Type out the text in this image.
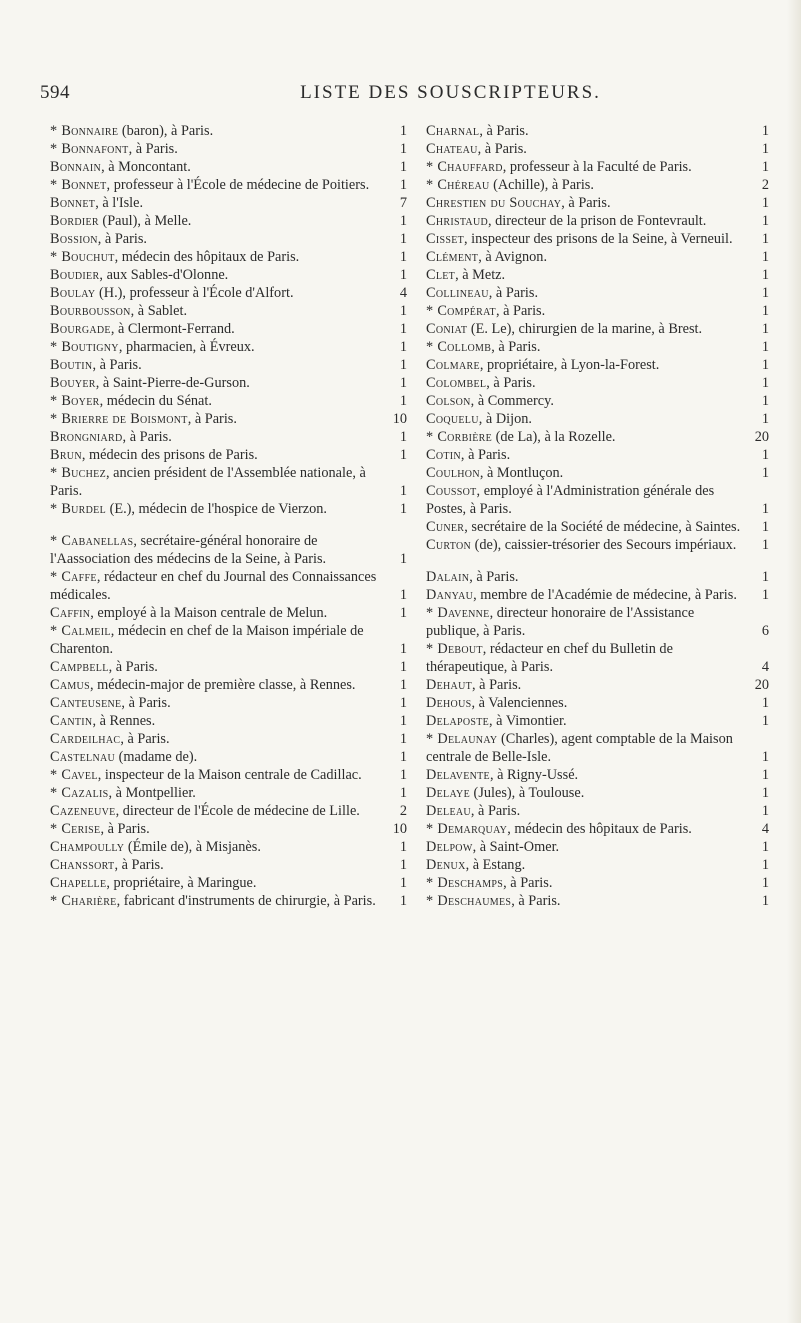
594	LISTE DES SOUSCRIPTEURS.
* Bonnaire (baron), à Paris.	1
* Bonnafont, à Paris.	1
Bonnain, à Moncontant.	1
* Bonnet, professeur à l'École de médecine de Poitiers.	1
Bonnet, à l'Isle.	7
Bordier (Paul), à Melle.	1
Bossion, à Paris.	1
* Bouchut, médecin des hôpitaux de Paris.	1
Boudier, aux Sables-d'Olonne.	1
Boulay (H.), professeur à l'École d'Alfort.	4
Bourbousson, à Sablet.	1
Bourgade, à Clermont-Ferrand.	1
* Boutigny, pharmacien, à Évreux.	1
Boutin, à Paris.	1
Bouyer, à Saint-Pierre-de-Gurson.	1
* Boyer, médecin du Sénat.	1
* Brierre de Boismont, à Paris.	10
Brongniard, à Paris.	1
Brun, médecin des prisons de Paris.	1
* Buchez, ancien président de l'Assemblée nationale, à Paris.	1
* Burdel (E.), médecin de l'hospice de Vierzon.	1
* Cabanellas, secrétaire-général honoraire de l'Aassociation des médecins de la Seine, à Paris.	1
* Caffe, rédacteur en chef du Journal des Connaissances médicales.	1
Caffin, employé à la Maison centrale de Melun.	1
* Calmeil, médecin en chef de la Maison impériale de Charenton.	1
Campbell, à Paris.	1
Camus, médecin-major de première classe, à Rennes.	1
Canteusene, à Paris.	1
Cantin, à Rennes.	1
Cardeilhac, à Paris.	1
Castelnau (madame de).	1
* Cavel, inspecteur de la Maison centrale de Cadillac.	1
* Cazalis, à Montpellier.	1
Cazeneuve, directeur de l'École de médecine de Lille.	2
* Cerise, à Paris.	10
Champoully (Émile de), à Misjanès.	1
Chanssort, à Paris.	1
Chapelle, propriétaire, à Maringue.	1
* Charière, fabricant d'instruments de chirurgie, à Paris.	1
Charnal, à Paris.	1
Chateau, à Paris.	1
* Chauffard, professeur à la Faculté de Paris.	1
* Chéreau (Achille), à Paris.	2
Chrestien du Souchay, à Paris.	1
Christaud, directeur de la prison de Fontevrault.	1
Cisset, inspecteur des prisons de la Seine, à Verneuil.	1
Clément, à Avignon.	1
Clet, à Metz.	1
Collineau, à Paris.	1
* Compérat, à Paris.	1
Coniat (E. Le), chirurgien de la marine, à Brest.	1
* Collomb, à Paris.	1
Colmare, propriétaire, à Lyon-la-Forest.	1
Colombel, à Paris.	1
Colson, à Commercy.	1
Coquelu, à Dijon.	1
* Corbière (de La), à la Rozelle.	20
Cotin, à Paris.	1
Coulhon, à Montluçon.	1
Coussot, employé à l'Administration générale des Postes, à Paris.	1
Cuner, secrétaire de la Société de médecine, à Saintes.	1
Curton (de), caissier-trésorier des Secours impériaux.	1
Dalain, à Paris.	1
Danyau, membre de l'Académie de médecine, à Paris.	1
* Davenne, directeur honoraire de l'Assistance publique, à Paris.	6
* Debout, rédacteur en chef du Bulletin de thérapeutique, à Paris.	4
Dehaut, à Paris.	20
Dehous, à Valenciennes.	1
Delaposte, à Vimontier.	1
* Delaunay (Charles), agent comptable de la Maison centrale de Belle-Isle.	1
Delavente, à Rigny-Ussé.	1
Delaye (Jules), à Toulouse.	1
Deleau, à Paris.	1
* Demarquay, médecin des hôpitaux de Paris.	4
Delpow, à Saint-Omer.	1
Denux, à Estang.	1
* Deschamps, à Paris.	1
* Deschaumes, à Paris.	1
